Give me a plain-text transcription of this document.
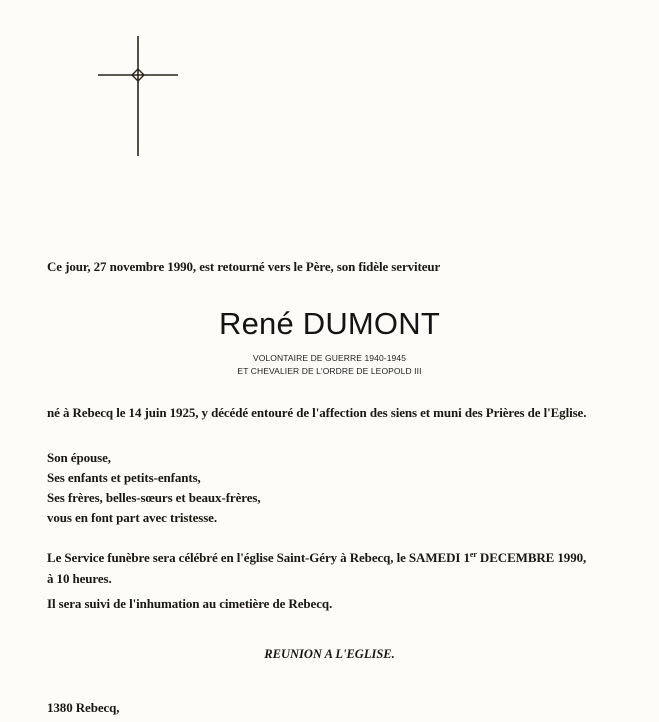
Ce jour, 27 novembre 1990, est retourné vers le Père, son fidèle serviteur
René DUMONT
VOLONTAIRE DE GUERRE 1940-1945
ET CHEVALIER DE L'ORDRE DE LEOPOLD III
né à Rebecq le 14 juin 1925, y décédé entouré de l'affection des siens et muni des Prières de l'Eglise.
Son épouse,
Ses enfants et petits-enfants,
Ses frères, belles-sœurs et beaux-frères,
vous en font part avec tristesse.
Le Service funèbre sera célébré en l'église Saint-Géry à Rebecq, le SAMEDI 1er DECEMBRE 1990,
à 10 heures.
Il sera suivi de l'inhumation au cimetière de Rebecq.
REUNION A L'EGLISE.
1380 Rebecq,
